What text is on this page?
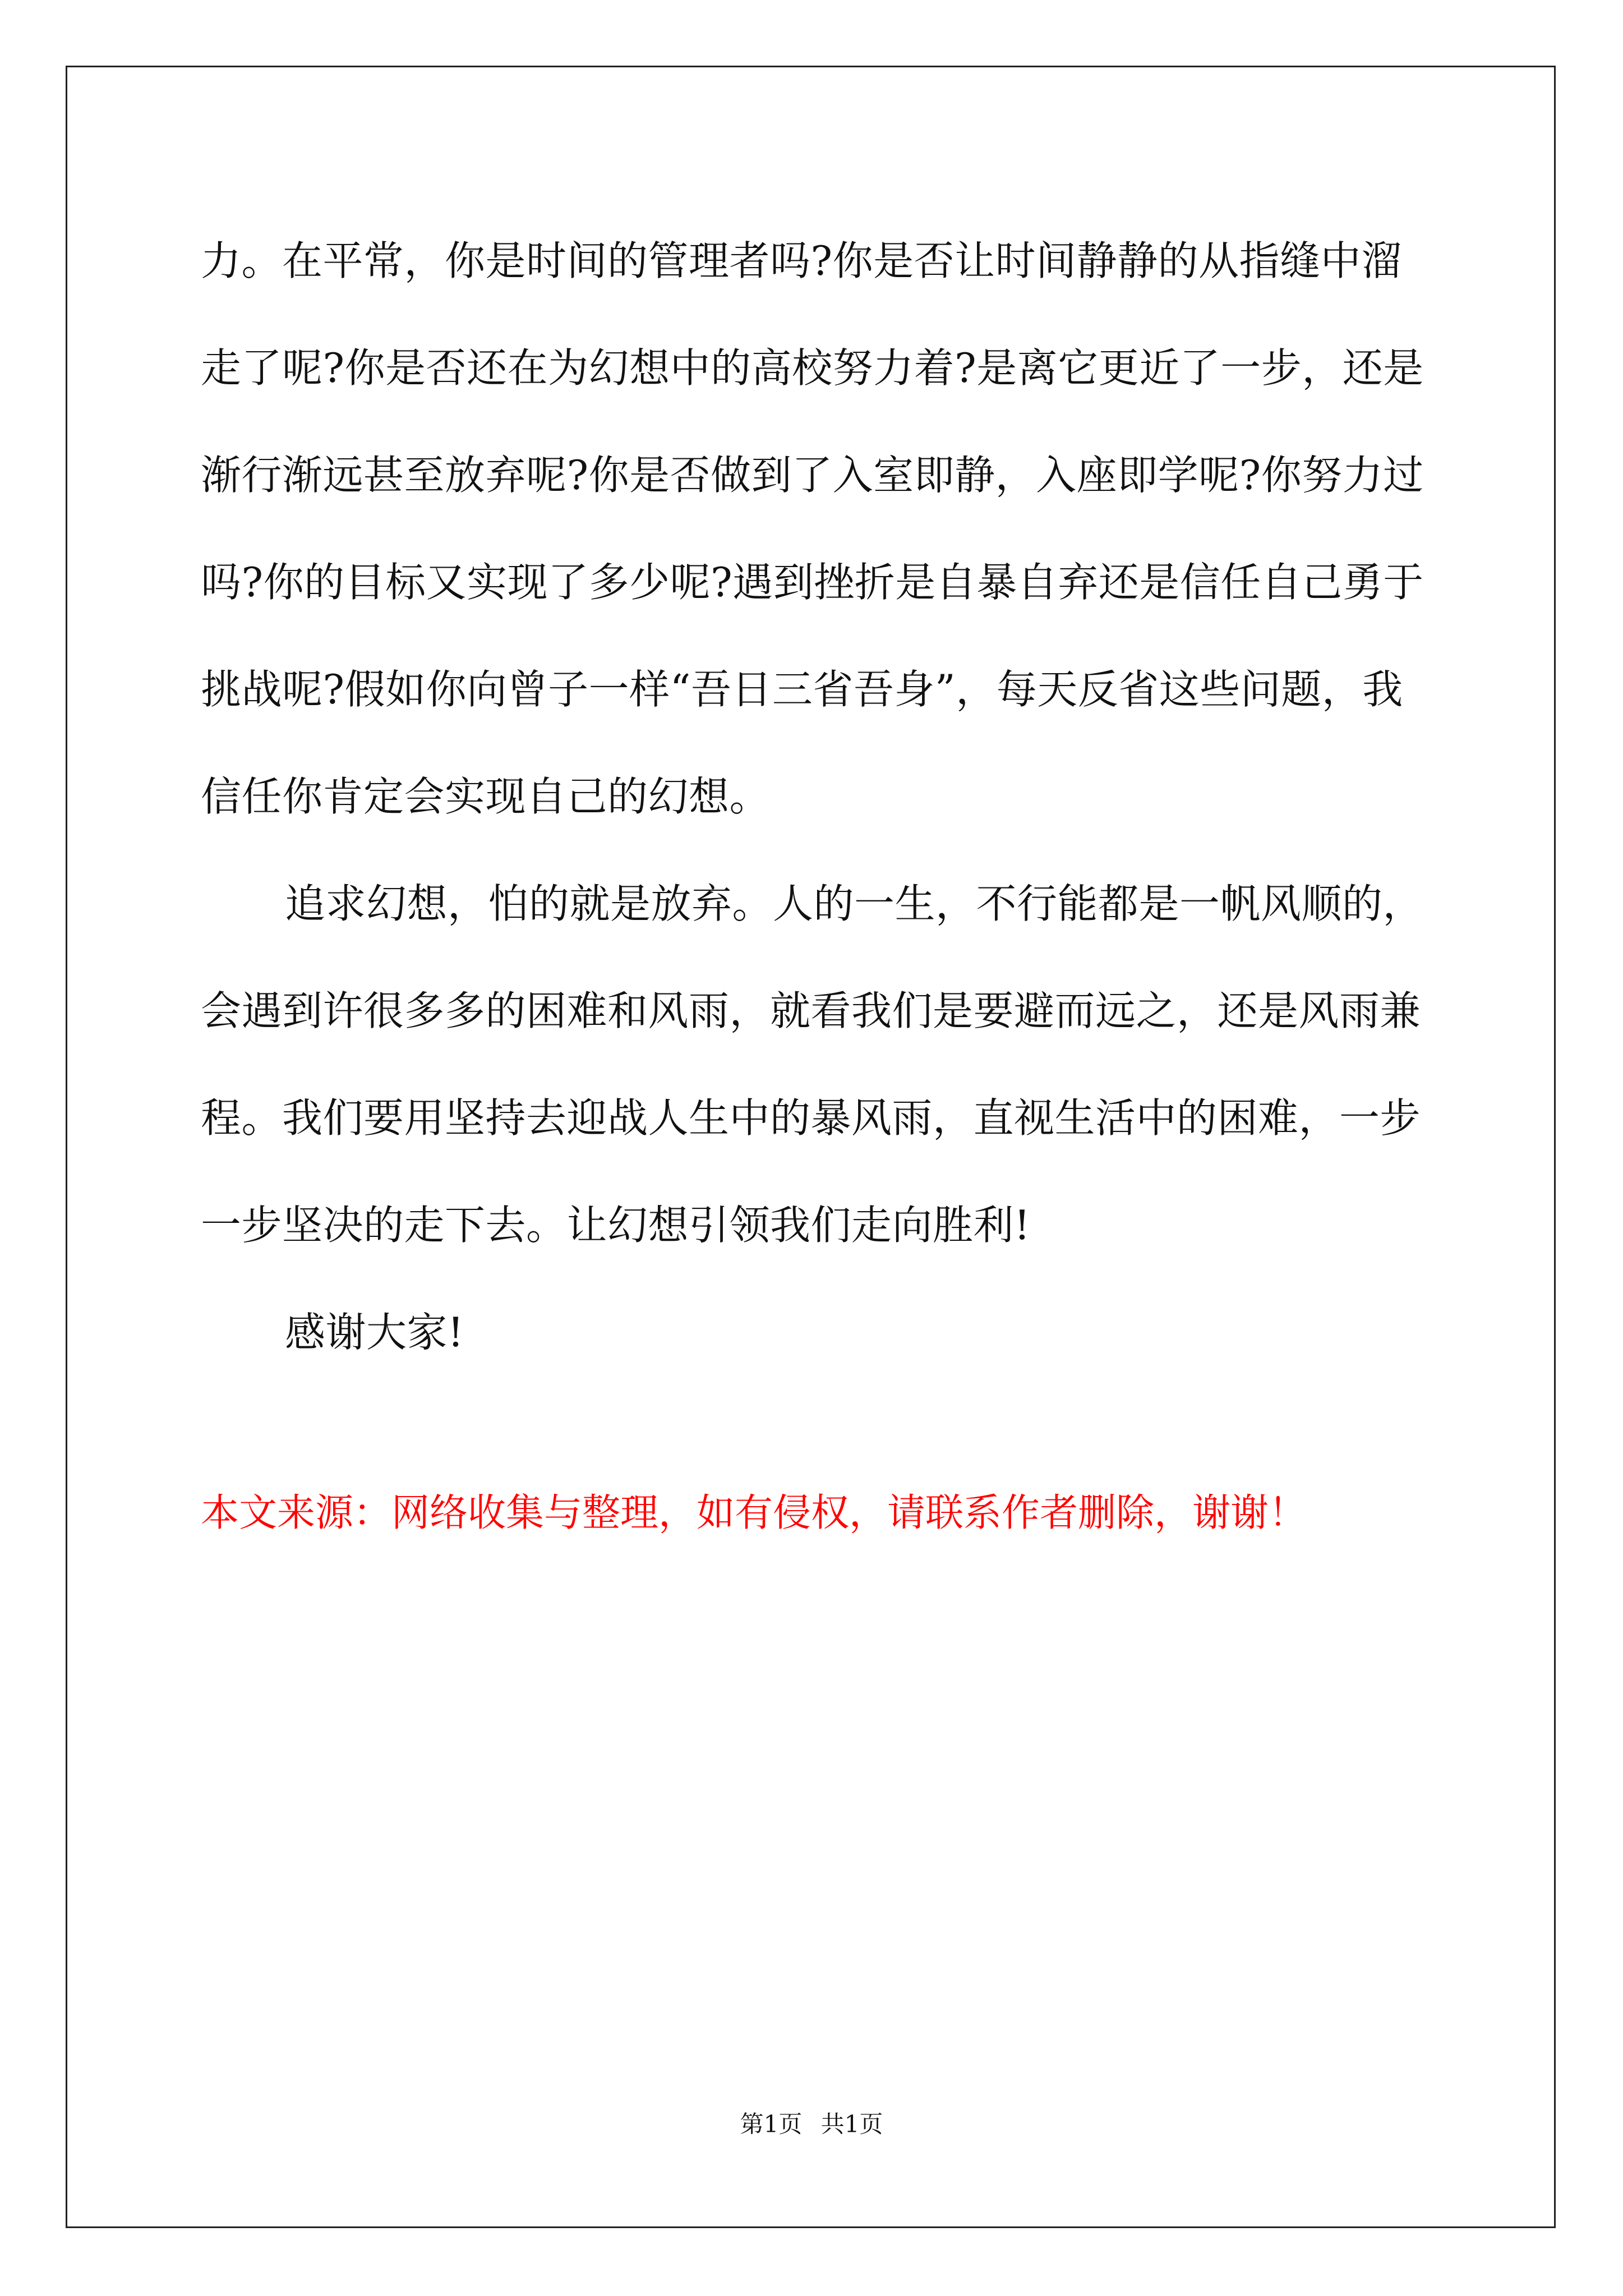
力。在平常，你是时间的管理者吗?你是否让时间静静的从指缝中溜走了呢?你是否还在为幻想中的高校努力着?是离它更近了一步，还是渐行渐远甚至放弃呢?你是否做到了入室即静，入座即学呢?你努力过吗?你的目标又实现了多少呢?遇到挫折是自暴自弃还是信任自己勇于挑战呢?假如你向曾子一样“吾日三省吾身”，每天反省这些问题，我信任你肯定会实现自己的幻想。

追求幻想，怕的就是放弃。人的一生，不行能都是一帆风顺的，会遇到许很多多的困难和风雨，就看我们是要避而远之，还是风雨兼程。我们要用坚持去迎战人生中的暴风雨，直视生活中的困难，一步一步坚决的走下去。让幻想引领我们走向胜利!

感谢大家!

本文来源：网络收集与整理，如有侵权，请联系作者删除，谢谢！

第1页 共1页
